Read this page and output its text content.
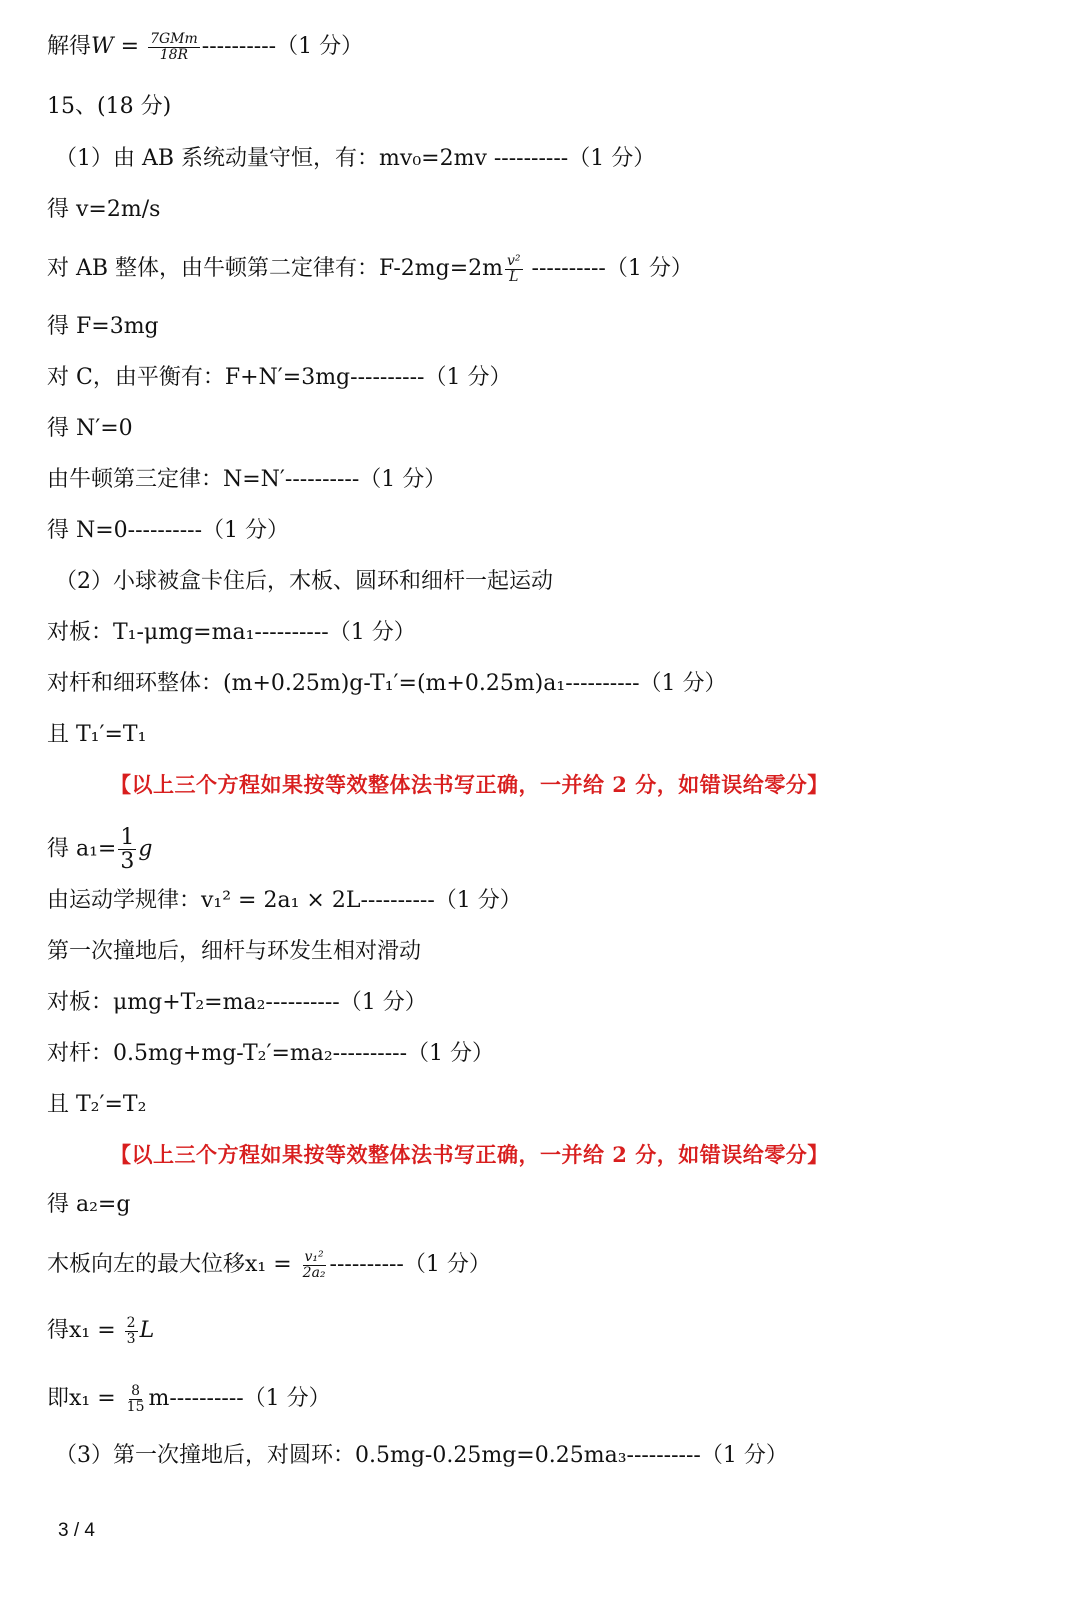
解得$W = \frac{\text{7GMm}}{18R} ----------(1$ 分）
15、(18 分)
（1）由 AB 系统动量守恒，有：mv₀=2mv ----------（1 分）
得 v=2m/s
对 AB 整体，由牛顿第二定律有：$F-2mg=2m \frac{\text{v²}}{L} ----------(1$ 分）
得 F=3mg
对 C，由平衡有：F+N′=3mg----------（1 分）
得 N′=0
由牛顿第三定律：N=N′----------（1 分）
得 N=0----------（1 分）
（2）小球被盒卡住后，木板、圆环和细杆一起运动
对板：T₁-μmg=ma₁----------（1 分）
对杆和细环整体：(m+0.25m)g-T₁′=(m+0.25m)a₁----------（1 分）
且 T₁′=T₁
【以上三个方程如果按等效整体法书写正确，一并给 2 分，如错误给零分】
得 $a_1= \frac{1}{3}$ g
由运动学规律：v₁² = 2a₁ × 2L----------（1 分）
第一次撞地后，细杆与环发生相对滑动
对板：μmg+T₂=ma₂----------（1 分）
对杆：0.5mg+mg-T₂′=ma₂----------（1 分）
且 T₂′=T₂
【以上三个方程如果按等效整体法书写正确，一并给 2 分，如错误给零分】
得 a₂=g
木板向左的最大位移$x_1 = \frac{\text{v₁²}}{\text{2a₂}} ----------(1$ 分）
得$x_1 = \frac{2}{3}$ L
即$x_1 = \frac{8}{15} m----------(1$ 分）
（3）第一次撞地后，对圆环：0.5mg-0.25mg=0.25ma₃----------（1 分）
3 / 4
